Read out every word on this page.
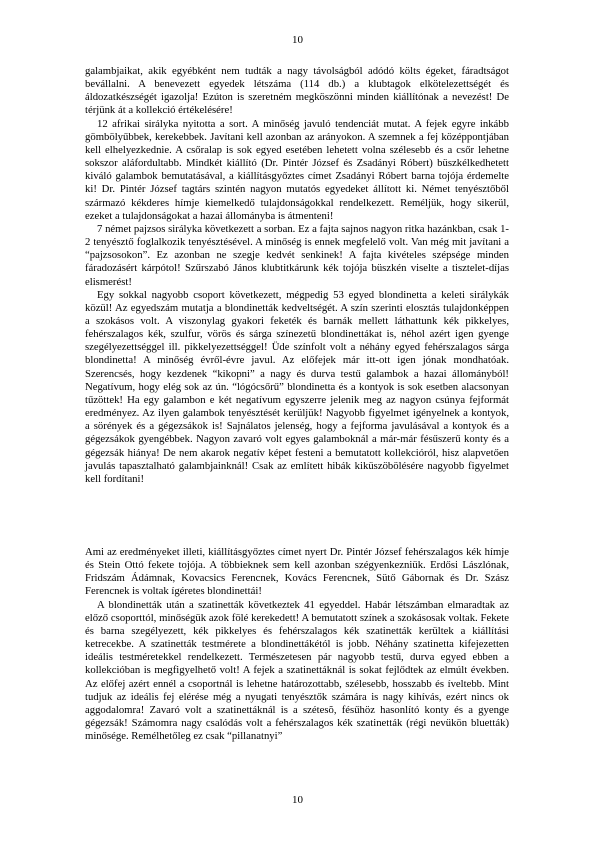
10

galambjaikat, akik egyébként nem tudták a nagy távolságból adódó költs égeket, fáradtságot bevállalni. A benevezett egyedek létszáma (114 db.) a klubtagok elkötelezettségét és áldozatkészségét igazolja! Ezúton is szeretném megköszönni minden kiállítónak a nevezést! De térjünk át a kollekció értékelésére!

12 afrikai sirályka nyitotta a sort. A minőség javuló tendenciát mutat. A fejek egyre inkább gömbölyűbbek, kerekebbek. Javítani kell azonban az arányokon. A szemnek a fej középpontjában kell elhelyezkednie. A csőralap is sok egyed esetében lehetett volna szélesebb és a csőr lehetne sokszor aláfordultabb. Mindkét kiállító (Dr. Pintér József és Zsadányi Róbert) büszkélkedhetett kiváló galambok bemutatásával, a kiállításgyőztes címet Zsadányi Róbert barna tojója érdemelte ki! Dr. Pintér József tagtárs szintén nagyon mutatós egyedeket állított ki. Német tenyésztőből származó kékderes hímje kiemelkedő tulajdonságokkal rendelkezett. Reméljük, hogy sikerül, ezeket a tulajdonságokat a hazai állományba is átmenteni!

7 német pajzsos sirályka következett a sorban. Ez a fajta sajnos nagyon ritka hazánkban, csak 1-2 tenyésztő foglalkozik tenyésztésével. A minőség is ennek megfelelő volt. Van még mit javítani a “pajzsosokon”. Ez azonban ne szegje kedvét senkinek! A fajta kivételes szépsége minden fáradozásért kárpótol! Szűrszabó János klubtitkárunk kék tojója büszkén viselte a tisztelet-díjas elismerést!

Egy sokkal nagyobb csoport következett, mégpedig 53 egyed blondinetta a keleti sirálykák közül! Az egyedszám mutatja a blondinetták kedveltségét. A szín szerinti elosztás tulajdonképpen a szokásos volt. A viszonylag gyakori feketék és barnák mellett láthattunk kék pikkelyes, fehérszalagos kék, szulfur, vörös és sárga színezetű blondinettákat is, néhol azért igen gyenge szegélyezettséggel ill. pikkelyezettséggel! Üde színfolt volt a néhány egyed fehérszalagos sárga blondinetta! A minőség évről-évre javul. Az előfejek már itt-ott igen jónak mondhatóak. Szerencsés, hogy kezdenek “kikopni” a nagy és durva testű galambok a hazai állományból! Negatívum, hogy elég sok az ún. “lógócsőrű” blondinetta és a kontyok is sok esetben alacsonyan tűzöttek! Ha egy galambon e két negatívum egyszerre jelenik meg az nagyon csúnya fejformát eredményez. Az ilyen galambok tenyésztését kerüljük! Nagyobb figyelmet igényelnek a kontyok, a sörények és a gégezsákok is! Sajnálatos jelenség, hogy a fejforma javulásával a kontyok és a gégezsákok gyengébbek. Nagyon zavaró volt egyes galamboknál a már-már fésűszerű konty és a gégezsák hiánya! De nem akarok negatív képet festeni a bemutatott kollekcióról, hisz alapvetően javulás tapasztalható galambjainknál! Csak az említett hibák kiküszöbölésére nagyobb figyelmet kell fordítani!

Ami az eredményeket illeti, kiállításgyőztes címet nyert Dr. Pintér József fehérszalagos kék hímje és Stein Ottó fekete tojója. A többieknek sem kell azonban szégyenkezniük. Erdősi Lászlónak, Fridszám Ádámnak, Kovacsics Ferencnek, Kovács Ferencnek, Sütő Gábornak és Dr. Szász Ferencnek is voltak ígéretes blondinettái!

A blondinetták után a szatinetták következtek 41 egyeddel. Habár létszámban elmaradtak az előző csoporttól, minőségük azok fölé kerekedett! A bemutatott színek a szokásosak voltak. Fekete és barna szegélyezett, kék pikkelyes és fehérszalagos kék szatinetták kerültek a kiállítási ketrecekbe. A szatinetták testmérete a blondinettákétól is jobb. Néhány szatinetta kifejezetten ideális testméretekkel rendelkezett. Természetesen pár nagyobb testű, durva egyed ebben a kollekcióban is megfigyelhető volt! A fejek a szatinettáknál is sokat fejlődtek az elmúlt években. Az előfej azért ennél a csoportnál is lehetne határozottabb, szélesebb, hosszabb és íveltebb. Mint tudjuk az ideális fej elérése még a nyugati tenyésztők számára is nagy kihívás, ezért nincs ok aggodalomra! Zavaró volt a szatinettáknál is a szétesõ, fésűhöz hasonlító konty és a gyenge gégezsák! Számomra nagy csalódás volt a fehérszalagos kék szatinetták (régi nevükön bluetták) minősége. Remélhetőleg ez csak “pillanatnyi”

10
